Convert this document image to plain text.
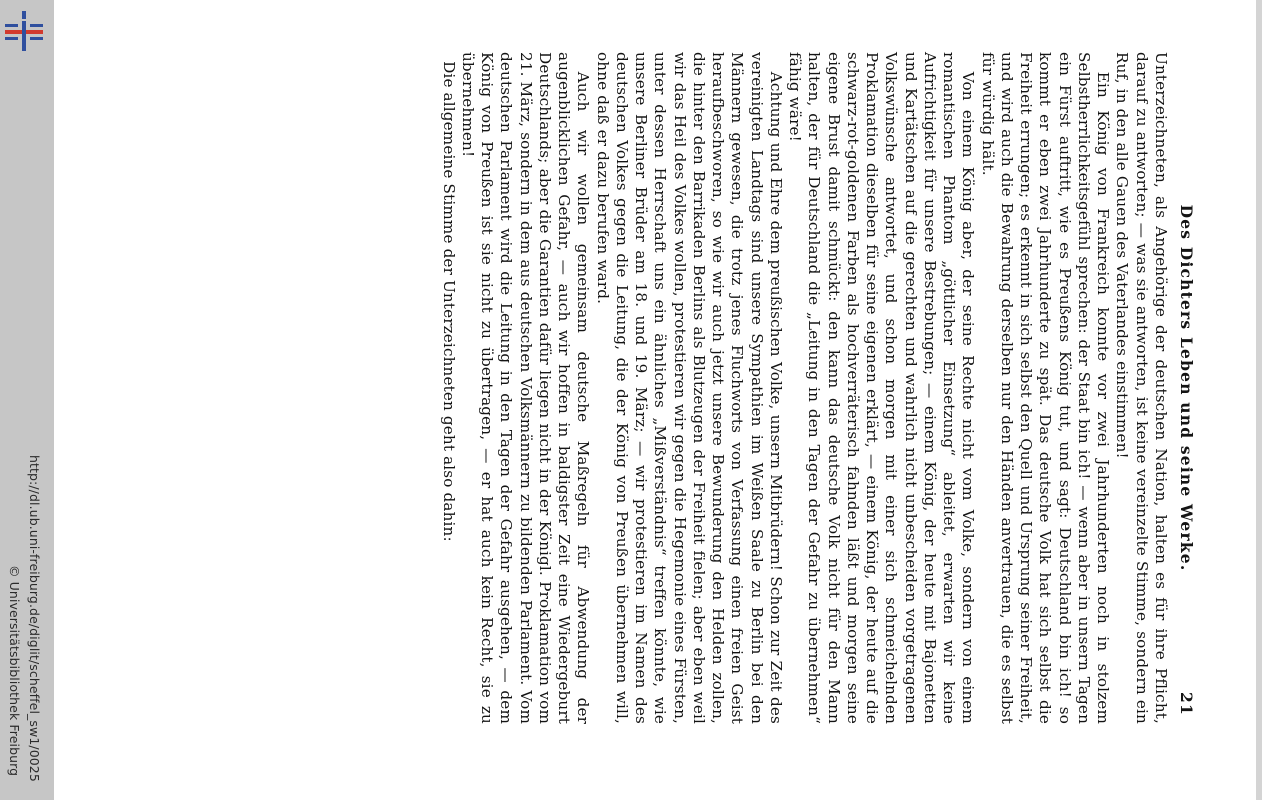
http://dl.ub.uni-freiburg.de/diglit/scheffel_sw1/0025
© Universitätsbibliothek Freiburg
Des Dichters Leben und seine Werke.
21

Unterzeichneten, als Angehörige der deutschen Nation, halten es für ihre Pflicht, darauf zu antworten; — was sie antworten, ist keine vereinzelte Stimme, sondern ein Ruf, in den alle Gauen des Vaterlandes einstimmen!

Ein König von Frankreich konnte vor zwei Jahrhunderten noch in stolzem Selbstherrlichkeitsgefühl sprechen: der Staat bin ich! — wenn aber in unsern Tagen ein Fürst auftritt, wie es Preußens König tut, und sagt: Deutschland bin ich! so kommt er eben zwei Jahrhunderte zu spät. Das deutsche Volk hat sich selbst die Freiheit errungen; es erkennt in sich selbst den Quell und Ursprung seiner Freiheit, und wird auch die Bewahrung derselben nur den Händen anvertrauen, die es selbst für würdig hält.

Von einem König aber, der seine Rechte nicht vom Volke, sondern von einem romantischen Phantom „göttlicher Einsetzung“ ableitet, erwarten wir keine Aufrichtigkeit für unsere Bestrebungen; — einem König, der heute mit Bajonetten und Kartätschen auf die gerechten und wahrlich nicht unbescheiden vorgetragenen Volkswünsche antwortet, und schon morgen mit einer sich schmeichelnden Proklamation dieselben für seine eigenen erklärt, — einem König, der heute auf die schwarz-rot-goldenen Farben als hochverräterisch fahnden läßt und morgen seine eigene Brust damit schmückt: den kann das deutsche Volk nicht für den Mann halten, der für Deutschland die „Leitung in den Tagen der Gefahr zu übernehmen“ fähig wäre!

Achtung und Ehre dem preußischen Volke, unsern Mitbrüdern! Schon zur Zeit des vereinigten Landtags sind unsere Sympathien im Weißen Saale zu Berlin bei den Männern gewesen, die trotz jenes Fluchworts von Verfassung einen freien Geist heraufbeschworen, so wie wir auch jetzt unsere Bewunderung den Helden zollen, die hinter den Barrikaden Berlins als Blutzeugen der Freiheit fielen; aber eben weil wir das Heil des Volkes wollen, protestieren wir gegen die Hegemonie eines Fürsten, unter dessen Herrschaft uns ein ähnliches „Mißverständnis“ treffen könnte, wie unsere Berliner Brüder am 18. und 19. März; — wir protestieren im Namen des deutschen Volkes gegen die Leitung, die der König von Preußen übernehmen will, ohne daß er dazu berufen ward.

Auch wir wollen gemeinsam deutsche Maßregeln für Abwendung der augenblicklichen Gefahr, — auch wir hoffen in baldigster Zeit eine Wiedergeburt Deutschlands; aber die Garantien dafür liegen nicht in der Königl. Proklamation vom 21. März, sondern in dem aus deutschen Volksmännern zu bildenden Parlament. Vom deutschen Parlament wird die Leitung in den Tagen der Gefahr ausgehen, — dem König von Preußen ist sie nicht zu übertragen, — er hat auch kein Recht, sie zu übernehmen!

Die allgemeine Stimme der Unterzeichneten geht also dahin:
